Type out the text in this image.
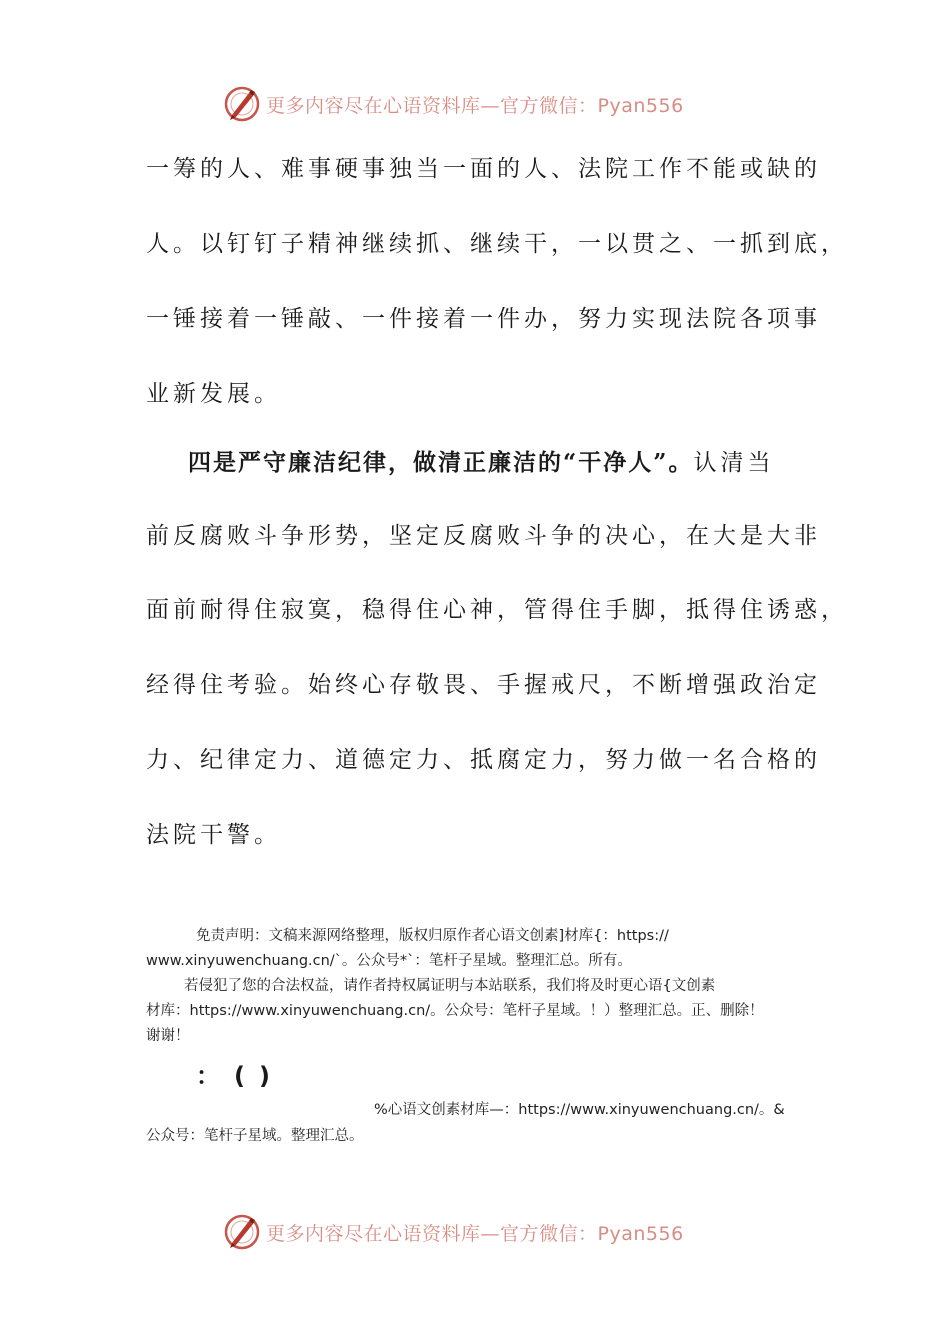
更多内容尽在心语资料库—官方微信：Pyan556
一筹的人、难事硬事独当一面的人、法院工作不能或缺的
人。以钉钉子精神继续抓、继续干，一以贯之、一抓到底，
一锤接着一锤敲、一件接着一件办，努力实现法院各项事
业新发展。
四是严守廉洁纪律，做清正廉洁的“干净人”。认清当
前反腐败斗争形势，坚定反腐败斗争的决心，在大是大非
面前耐得住寂寞，稳得住心神，管得住手脚，抵得住诱惑，
经得住考验。始终心存敬畏、手握戒尺，不断增强政治定
力、纪律定力、道德定力、抵腐定力，努力做一名合格的
法院干警。
免责声明：文稿来源网络整理，版权归原作者心语文创素]材库{：https://
www.xinyuwenchuang.cn/`。公众号*`：笔杆子星域。整理汇总。所有。
若侵犯了您的合法权益，请作者持权属证明与本站联系，我们将及时更心语{文创素
材库：https://www.xinyuwenchuang.cn/。公众号：笔杆子星域。！）整理汇总。正、删除！
谢谢！
：()
%心语文创素材库—：https://www.xinyuwenchuang.cn/。&
公众号：笔杆子星域。整理汇总。
更多内容尽在心语资料库—官方微信：Pyan556
